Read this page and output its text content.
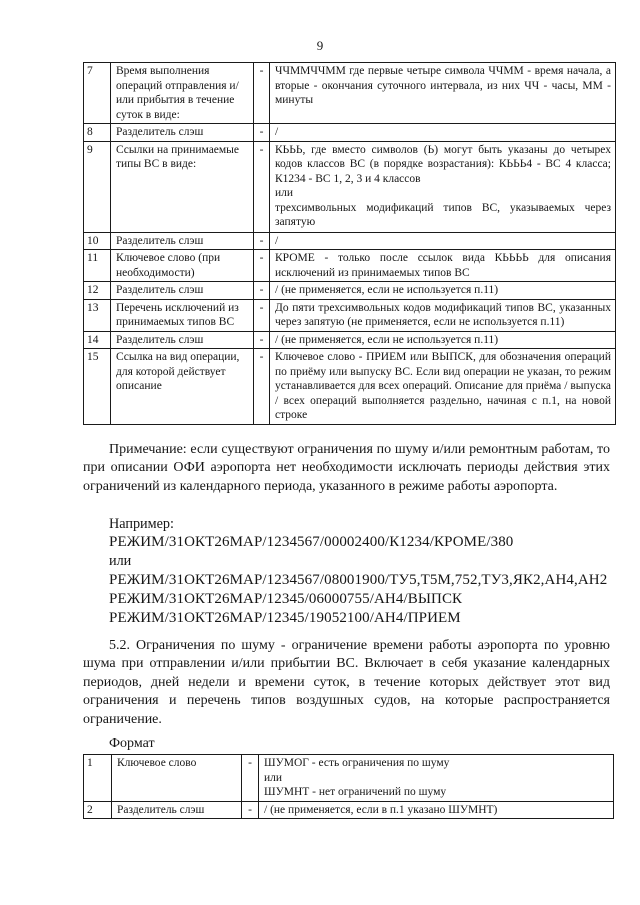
9
7	Время выполнения операций отправления и/или прибытия в течение суток в виде:	-	ЧЧММЧЧММ где первые четыре символа ЧЧММ - время начала, а вторые - окончания суточного интервала, из них ЧЧ - часы, ММ - минуты
8	Разделитель слэш	-	/
9	Ссылки на принимаемые типы ВС в виде:	-	КЬЬЬ, где вместо символов (Ь) могут быть указаны до четырех кодов классов ВС (в порядке возрастания): КЬЬЬ4 - ВС 4 класса; К1234 - ВС 1, 2, 3 и 4 классов
или
трехсимвольных модификаций типов ВС, указываемых через запятую
10	Разделитель слэш	-	/
11	Ключевое слово (при необходимости)	-	КРОМЕ - только после ссылок вида КЬЬЬЬ для описания исключений из принимаемых типов ВС
12	Разделитель слэш	-	/ (не применяется, если не используется п.11)
13	Перечень исключений из принимаемых типов ВС	-	До пяти трехсимвольных кодов модификаций типов ВС, указанных через запятую (не применяется, если не используется п.11)
14	Разделитель слэш	-	/ (не применяется, если не используется п.11)
15	Ссылка на вид операции, для которой действует описание	-	Ключевое слово - ПРИЕМ или ВЫПСК, для обозначения операций по приёму или выпуску ВС. Если вид операции не указан, то режим устанавливается для всех операций. Описание для приёма / выпуска / всех операций выполняется раздельно, начиная с п.1, на новой строке

Примечание: если существуют ограничения по шуму и/или ремонтным работам, то при описании ОФИ аэропорта нет необходимости исключать периоды действия этих ограничений из календарного периода, указанного в режиме работы аэропорта.

Например:

РЕЖИМ/31ОКТ26МАР/1234567/00002400/К1234/КРОМЕ/380

или

РЕЖИМ/31ОКТ26МАР/1234567/08001900/ТУ5,Т5М,752,ТУ3,ЯК2,АН4,АН2

РЕЖИМ/31ОКТ26МАР/12345/06000755/АН4/ВЫПСК

РЕЖИМ/31ОКТ26МАР/12345/19052100/АН4/ПРИЕМ

5.2. Ограничения по шуму - ограничение времени работы аэропорта по уровню шума при отправлении и/или прибытии ВС. Включает в себя указание календарных периодов, дней недели и времени суток, в течение которых действует этот вид ограничения и перечень типов воздушных судов, на которые распространяется ограничение.

Формат

1	Ключевое слово	-	ШУМОГ - есть ограничения по шуму
или
ШУМНТ - нет ограничений по шуму
2	Разделитель слэш	-	/ (не применяется, если в п.1 указано ШУМНТ)
